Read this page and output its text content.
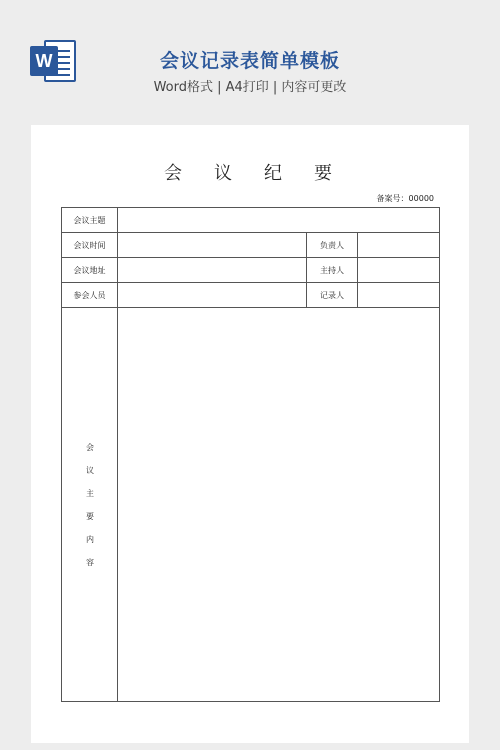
W	会议记录表简单模板
Word格式 | A4打印 | 内容可更改
会 议 纪 要
备案号：00000
会议主题
会议时间	负责人
会议地址	主持人
参会人员	记录人
会
议
主
要
内
容
